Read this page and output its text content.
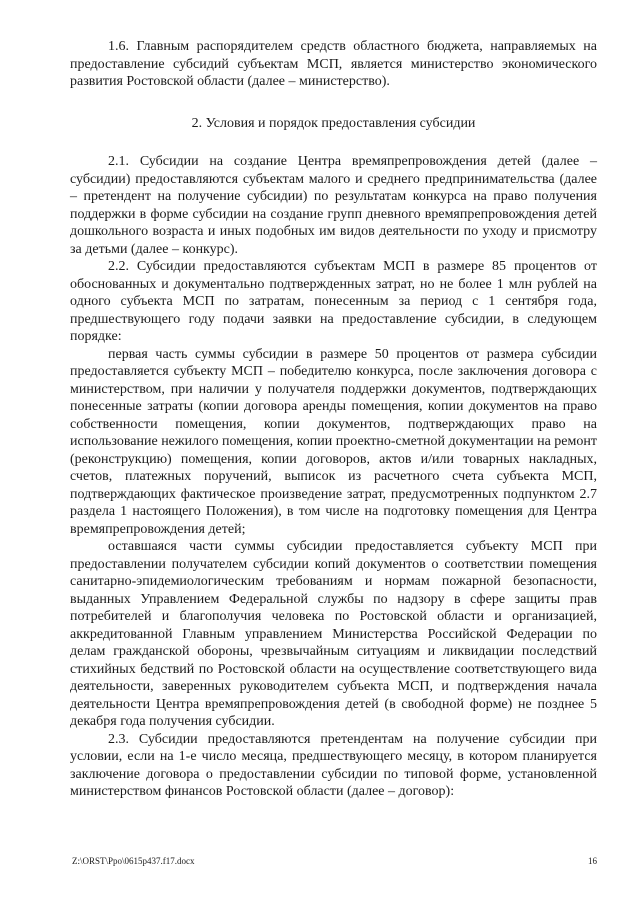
1.6. Главным распорядителем средств областного бюджета, направляемых на предоставление субсидий субъектам МСП, является министерство экономического развития Ростовской области (далее – министерство).

2. Условия и порядок предоставления субсидии

2.1. Субсидии на создание Центра времяпрепровождения детей (далее – субсидии) предоставляются субъектам малого и среднего предпринимательства (далее – претендент на получение субсидии) по результатам конкурса на право получения поддержки в форме субсидии на создание групп дневного времяпрепровождения детей дошкольного возраста и иных подобных им видов деятельности по уходу и присмотру за детьми (далее – конкурс).

2.2. Субсидии предоставляются субъектам МСП в размере 85 процентов от обоснованных и документально подтвержденных затрат, но не более 1 млн рублей на одного субъекта МСП по затратам, понесенным за период с 1 сентября года, предшествующего году подачи заявки на предоставление субсидии, в следующем порядке:

первая часть суммы субсидии в размере 50 процентов от размера субсидии предоставляется субъекту МСП – победителю конкурса, после заключения договора с министерством, при наличии у получателя поддержки документов, подтверждающих понесенные затраты (копии договора аренды помещения, копии документов на право собственности помещения, копии документов, подтверждающих право на использование нежилого помещения, копии проектно-сметной документации на ремонт (реконструкцию) помещения, копии договоров, актов и/или товарных накладных, счетов, платежных поручений, выписок из расчетного счета субъекта МСП, подтверждающих фактическое произведение затрат, предусмотренных подпунктом 2.7 раздела 1 настоящего Положения), в том числе на подготовку помещения для Центра времяпрепровождения детей;

оставшаяся части суммы субсидии предоставляется субъекту МСП при предоставлении получателем субсидии копий документов о соответствии помещения санитарно-эпидемиологическим требованиям и нормам пожарной безопасности, выданных Управлением Федеральной службы по надзору в сфере защиты прав потребителей и благополучия человека по Ростовской области и организацией, аккредитованной Главным управлением Министерства Российской Федерации по делам гражданской обороны, чрезвычайным ситуациям и ликвидации последствий стихийных бедствий по Ростовской области на осуществление соответствующего вида деятельности, заверенных руководителем субъекта МСП, и подтверждения начала деятельности Центра времяпрепровождения детей (в свободной форме) не позднее 5 декабря года получения субсидии.

2.3. Субсидии предоставляются претендентам на получение субсидии при условии, если на 1-е число месяца, предшествующего месяцу, в котором планируется заключение договора о предоставлении субсидии по типовой форме, установленной министерством финансов Ростовской области (далее – договор):

Z:\ORST\Ppo\0615p437.f17.docx	16
